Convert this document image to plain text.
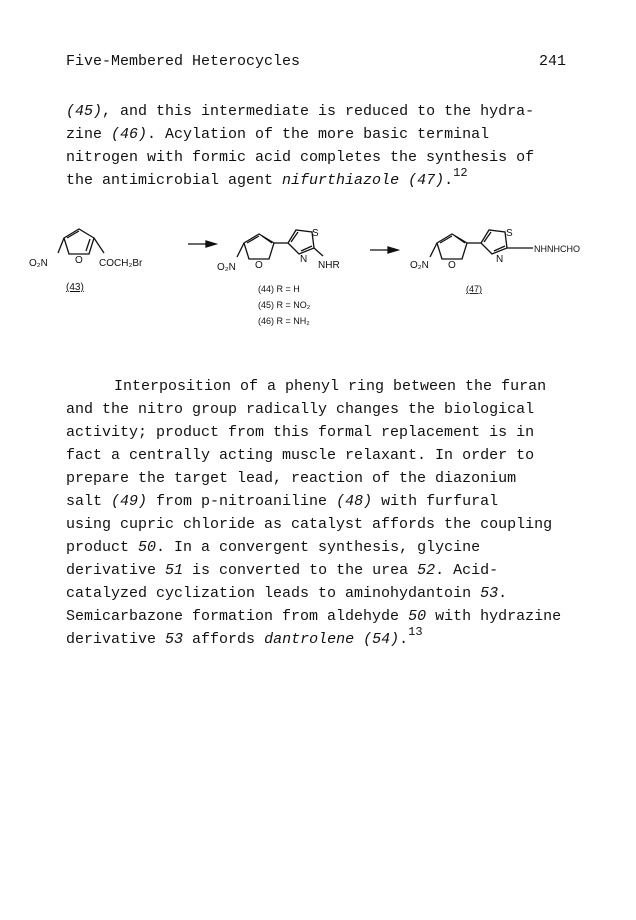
Five-Membered Heterocycles	241
(45), and this intermediate is reduced to the hydra-
zine (46). Acylation of the more basic terminal
nitrogen with formic acid completes the synthesis of
the antimicrobial agent nifurthiazole (47).$^{12}$
O₂N	O COCH₂Br
(43)
O₂N O
S
N
NHR
(44) R = H
(45) R = NO₂
(46) R = NH₂
O₂N O
S
N
NHNHCHO
(47)
Interposition of a phenyl ring between the furan
and the nitro group radically changes the biological
activity; product from this formal replacement is in
fact a centrally acting muscle relaxant. In order to
prepare the target lead, reaction of the diazonium
salt (49) from p-nitroaniline (48) with furfural
using cupric chloride as catalyst affords the coupling
product 50. In a convergent synthesis, glycine
derivative 51 is converted to the urea 52. Acid-
catalyzed cyclization leads to aminohydantoin 53.
Semicarbazone formation from aldehyde 50 with hydrazine
derivative 53 affords dantrolene (54).$^{13}$
